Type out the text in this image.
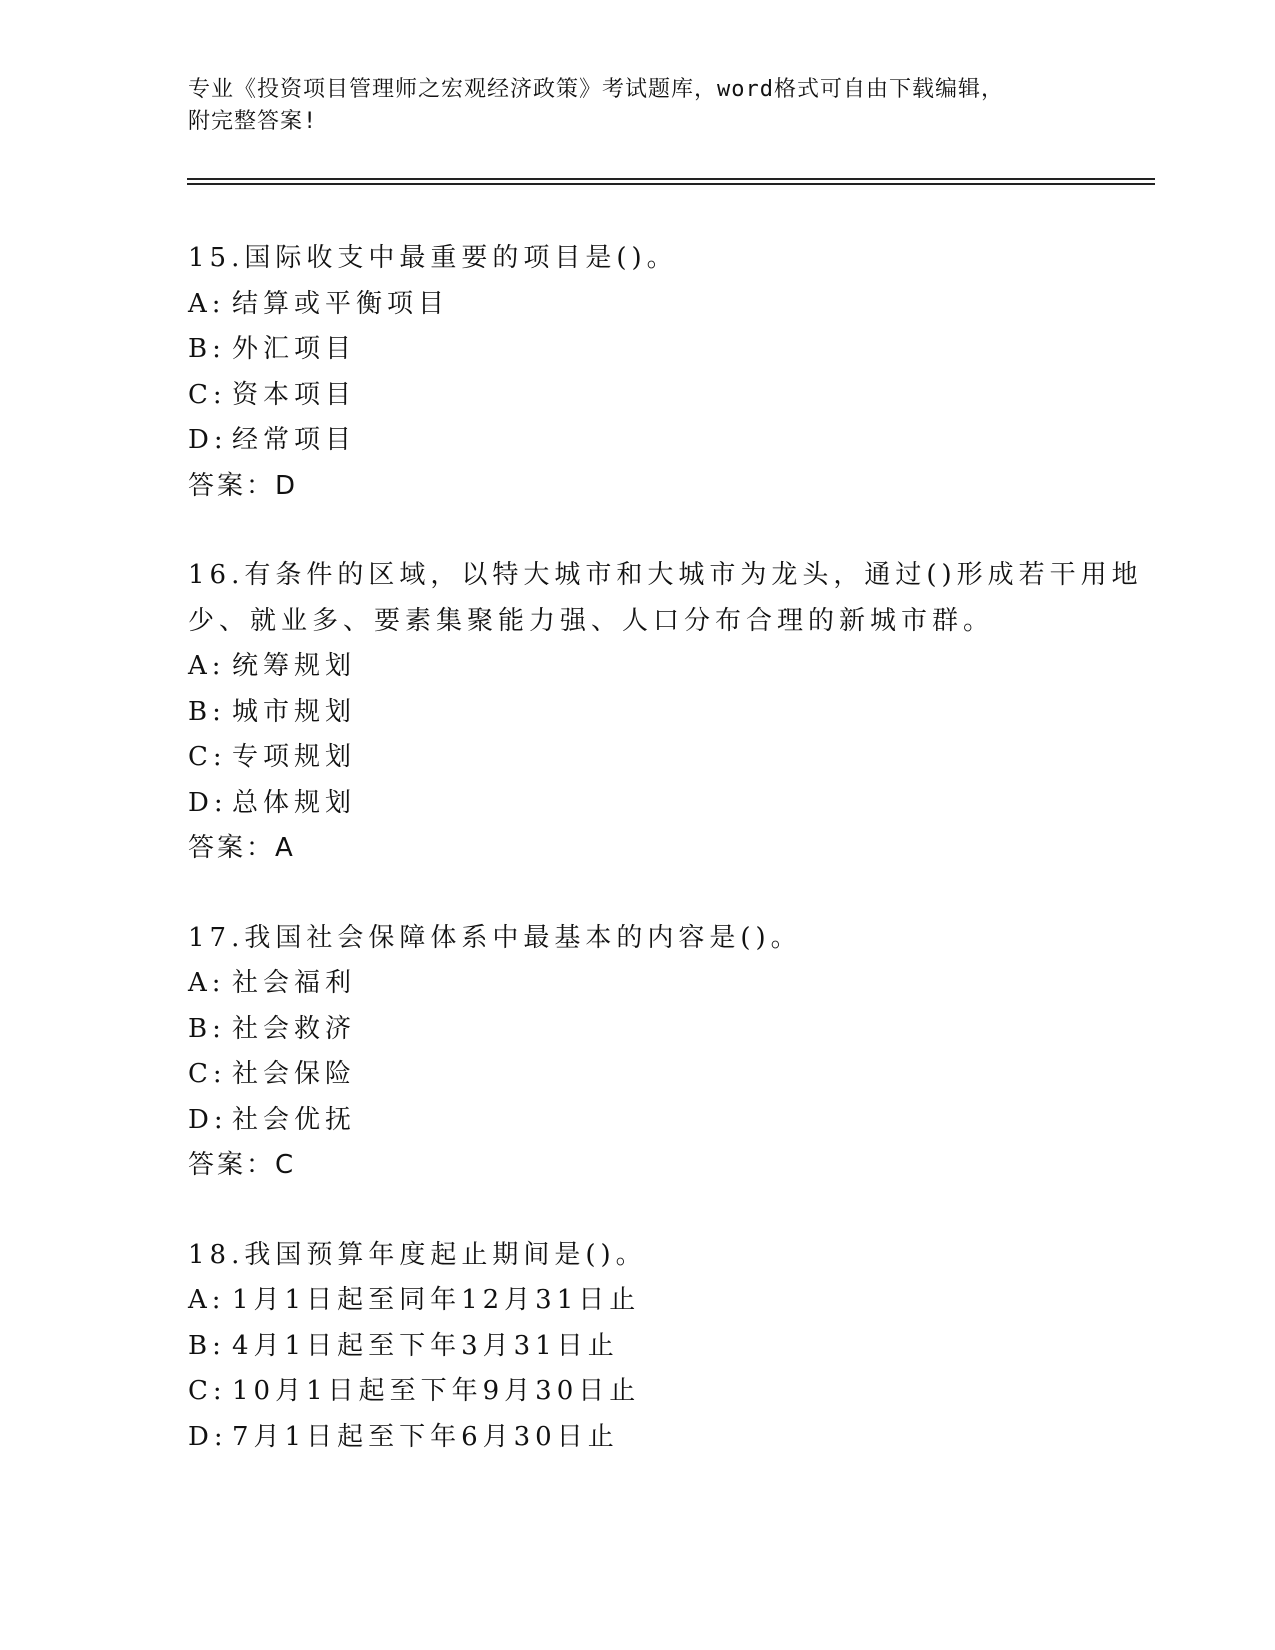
专业《投资项目管理师之宏观经济政策》考试题库，word格式可自由下载编辑，
附完整答案!
15.国际收支中最重要的项目是()。
A: 结算或平衡项目
B: 外汇项目
C: 资本项目
D: 经常项目
答案：D
16.有条件的区域，以特大城市和大城市为龙头，通过()形成若干用地
少、就业多、要素集聚能力强、人口分布合理的新城市群。
A: 统筹规划
B: 城市规划
C: 专项规划
D: 总体规划
答案：A
17.我国社会保障体系中最基本的内容是()。
A: 社会福利
B: 社会救济
C: 社会保险
D: 社会优抚
答案：C
18.我国预算年度起止期间是()。
A: 1月1日起至同年12月31日止
B: 4月1日起至下年3月31日止
C: 10月1日起至下年9月30日止
D: 7月1日起至下年6月30日止
